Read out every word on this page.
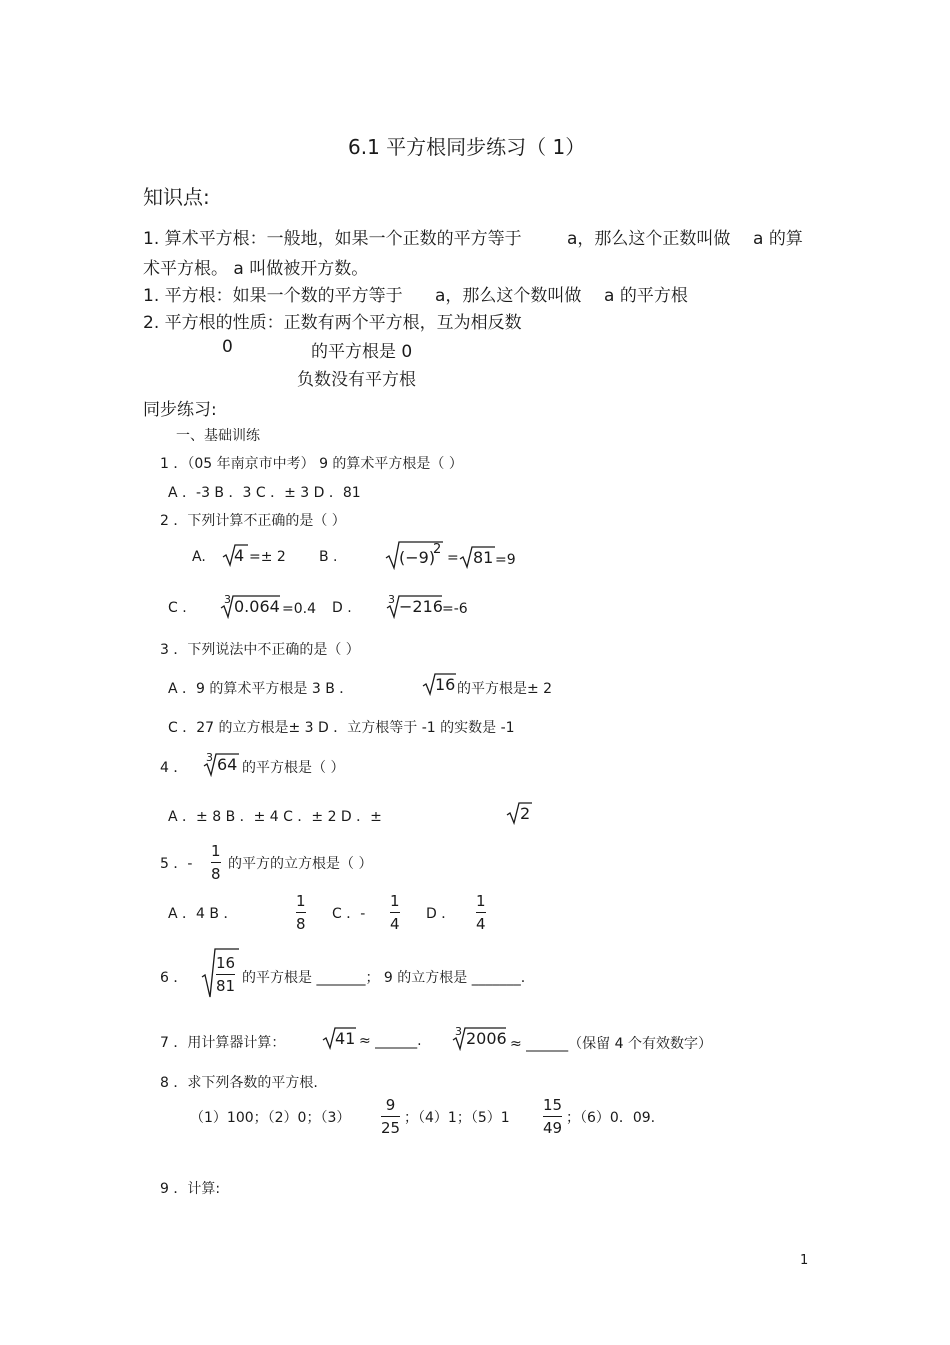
6.1 平方根同步练习（ 1）
知识点:
1. 算术平方根：一般地，如果一个正数的平方等于	a，那么这个正数叫做 a 的算
术平方根。 a 叫做被开方数。
1. 平方根：如果一个数的平方等于 a，那么这个数叫做 a 的平方根
2. 平方根的性质：正数有两个平方根，互为相反数
0	的平方根是 0
负数没有平方根
同步练习:
一、基础训练
1 ．（05 年南京市中考） 9 的算术平方根是（ ）
A ．-3 B ．3 C ．± 3 D ．81
2 ．下列计算不正确的是（ ）
A. 4 =± 2 B .	(−9)
2
= 81 =9
C .
3 0.064 =0.4 D .
3 −216 =-6
3 ．下列说法中不正确的是（ ）
A ．9 的算术平方根是 3 B ．	16 的平方根是± 2
C ．27 的立方根是± 3 D ．立方根等于 -1 的实数是 -1
4 ．
3 64 的平方根是（ ）
A ．± 8 B ．± 4 C ．± 2 D ．±	2
5 ．-
1
8
的平方的立方根是（ ）
A ．4 B ．
1
8
C ．-
1
4
D ．
1
4
6 ．
16
81 的平方根是 _______； 9 的立方根是 _______.
7 ．用计算器计算：	41 ≈ ______.
3 2006 ≈ ______（保留 4 个有效数字）
8 ．求下列各数的平方根.
（1）100；（2）0；（3）
9
25
；（4）1；（5）1
15
49
；（6）0．09.
9 ．计算:
1
